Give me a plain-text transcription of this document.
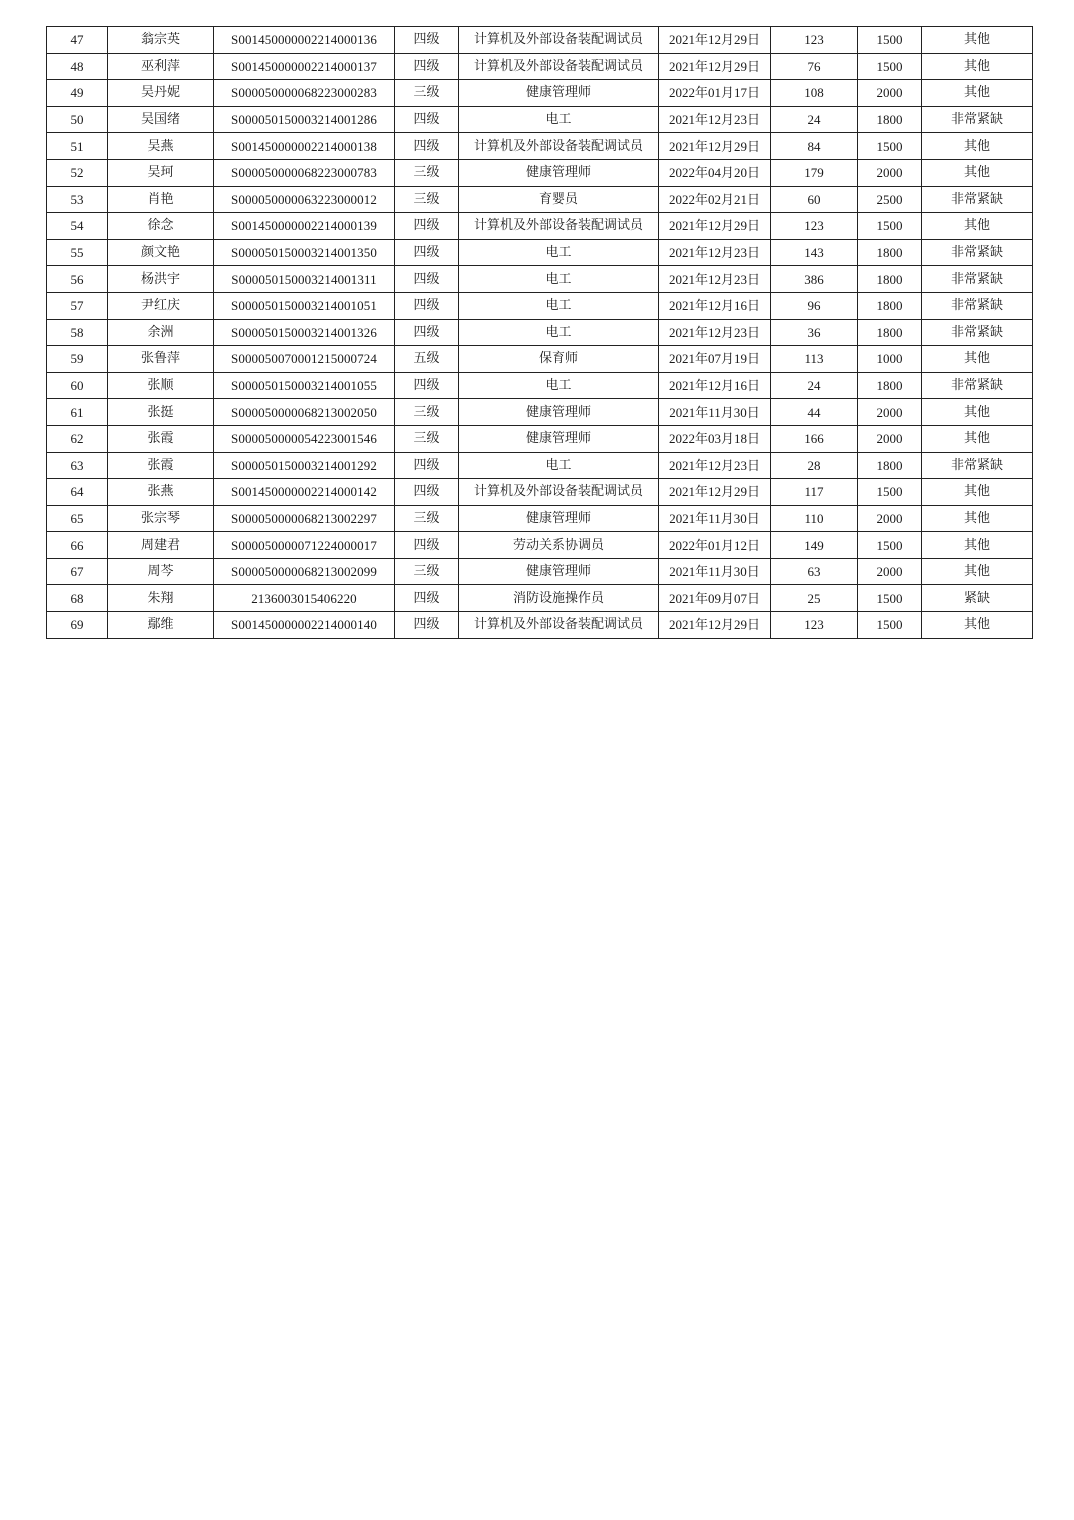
47	翁宗英	S001450000002214000136	四级	计算机及外部设备装配调试员	2021年12月29日	123	1500	其他
48	巫利萍	S001450000002214000137	四级	计算机及外部设备装配调试员	2021年12月29日	76	1500	其他
49	吴丹妮	S000050000068223000283	三级	健康管理师	2022年01月17日	108	2000	其他
50	吴国绪	S000050150003214001286	四级	电工	2021年12月23日	24	1800	非常紧缺
51	吴燕	S001450000002214000138	四级	计算机及外部设备装配调试员	2021年12月29日	84	1500	其他
52	吴珂	S000050000068223000783	三级	健康管理师	2022年04月20日	179	2000	其他
53	肖艳	S000050000063223000012	三级	育婴员	2022年02月21日	60	2500	非常紧缺
54	徐念	S001450000002214000139	四级	计算机及外部设备装配调试员	2021年12月29日	123	1500	其他
55	颜文艳	S000050150003214001350	四级	电工	2021年12月23日	143	1800	非常紧缺
56	杨洪宇	S000050150003214001311	四级	电工	2021年12月23日	386	1800	非常紧缺
57	尹红庆	S000050150003214001051	四级	电工	2021年12月16日	96	1800	非常紧缺
58	余洲	S000050150003214001326	四级	电工	2021年12月23日	36	1800	非常紧缺
59	张鲁萍	S000050070001215000724	五级	保育师	2021年07月19日	113	1000	其他
60	张顺	S000050150003214001055	四级	电工	2021年12月16日	24	1800	非常紧缺
61	张挺	S000050000068213002050	三级	健康管理师	2021年11月30日	44	2000	其他
62	张霞	S000050000054223001546	三级	健康管理师	2022年03月18日	166	2000	其他
63	张霞	S000050150003214001292	四级	电工	2021年12月23日	28	1800	非常紧缺
64	张燕	S001450000002214000142	四级	计算机及外部设备装配调试员	2021年12月29日	117	1500	其他
65	张宗琴	S000050000068213002297	三级	健康管理师	2021年11月30日	110	2000	其他
66	周建君	S000050000071224000017	四级	劳动关系协调员	2022年01月12日	149	1500	其他
67	周芩	S000050000068213002099	三级	健康管理师	2021年11月30日	63	2000	其他
68	朱翔	2136003015406220	四级	消防设施操作员	2021年09月07日	25	1500	紧缺
69	鄢维	S001450000002214000140	四级	计算机及外部设备装配调试员	2021年12月29日	123	1500	其他
